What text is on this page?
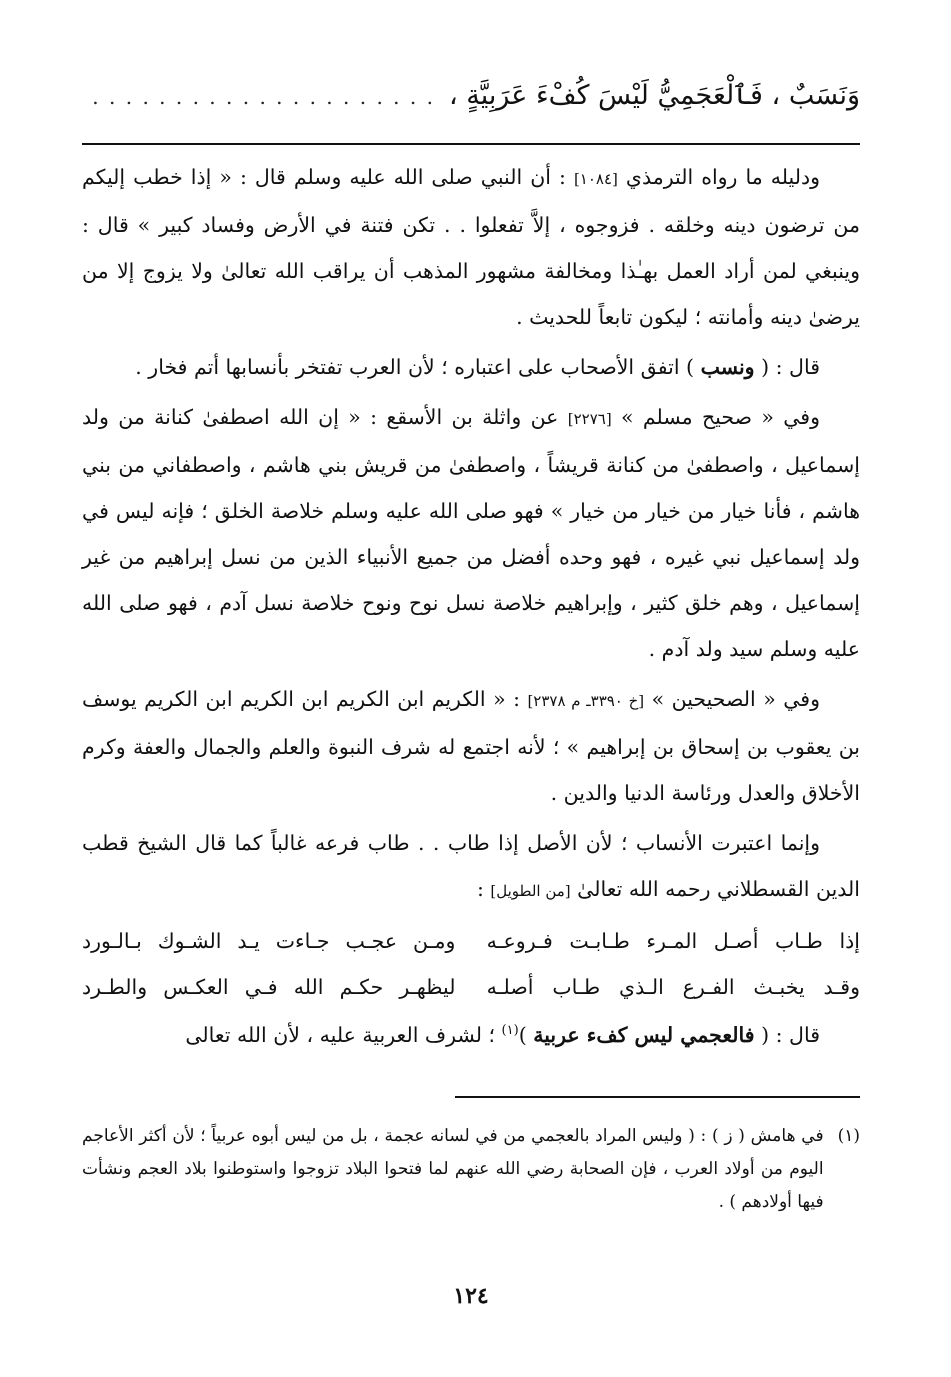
وَنَسَبٌ ، فَٱلْعَجَمِيُّ لَيْسَ كُفْءَ عَرَبِيَّةٍ ،
. . . . . . . . . . . . . . . . . . . . .

ودليله ما رواه الترمذي [١٠٨٤] : أن النبي صلى الله عليه وسلم قال : « إذا خطب إليكم من ترضون دينه وخلقه . فزوجوه ، إلاَّ تفعلوا . . تكن فتنة في الأرض وفساد كبير » قال : وينبغي لمن أراد العمل بهـٰذا ومخالفة مشهور المذهب أن يراقب الله تعالىٰ ولا يزوج إلا من يرضىٰ دينه وأمانته ؛ ليكون تابعاً للحديث .

قال : ( ونسب ) اتفق الأصحاب على اعتباره ؛ لأن العرب تفتخر بأنسابها أتم فخار .

وفي « صحيح مسلم » [٢٢٧٦] عن واثلة بن الأسقع : « إن الله اصطفىٰ كنانة من ولد إسماعيل ، واصطفىٰ من كنانة قريشاً ، واصطفىٰ من قريش بني هاشم ، واصطفاني من بني هاشم ، فأنا خيار من خيار من خيار » فهو صلى الله عليه وسلم خلاصة الخلق ؛ فإنه ليس في ولد إسماعيل نبي غيره ، فهو وحده أفضل من جميع الأنبياء الذين من نسل إبراهيم من غير إسماعيل ، وهم خلق كثير ، وإبراهيم خلاصة نسل نوح ونوح خلاصة نسل آدم ، فهو صلى الله عليه وسلم سيد ولد آدم .

وفي « الصحيحين » [خ ٣٣٩٠ـ م ٢٣٧٨] : « الكريم ابن الكريم ابن الكريم ابن الكريم يوسف بن يعقوب بن إسحاق بن إبراهيم » ؛ لأنه اجتمع له شرف النبوة والعلم والجمال والعفة وكرم الأخلاق والعدل ورئاسة الدنيا والدين .

وإنما اعتبرت الأنساب ؛ لأن الأصل إذا طاب . . طاب فرعه غالباً كما قال الشيخ قطب الدين القسطلاني رحمه الله تعالىٰ [من الطويل] :

إذا طـاب أصـل المـرء طـابـت فـروعـه
ومـن عجـب جـاءت يـد الشـوك بـالـورد
وقـد يخبـث الفـرع الـذي طـاب أصلـه
ليظهـر حكـم الله فـي العكـس والطـرد

قال : ( فالعجمي ليس كفء عربية )$^{(١)}$ ؛ لشرف العربية عليه ، لأن الله تعالى

(١)
في هامش ( ز ) : ( وليس المراد بالعجمي من في لسانه عجمة ، بل من ليس أبوه عربياً ؛ لأن أكثر الأعاجم اليوم من أولاد العرب ، فإن الصحابة رضي الله عنهم لما فتحوا البلاد تزوجوا واستوطنوا بلاد العجم ونشأت فيها أولادهم ) .
١٢٤
